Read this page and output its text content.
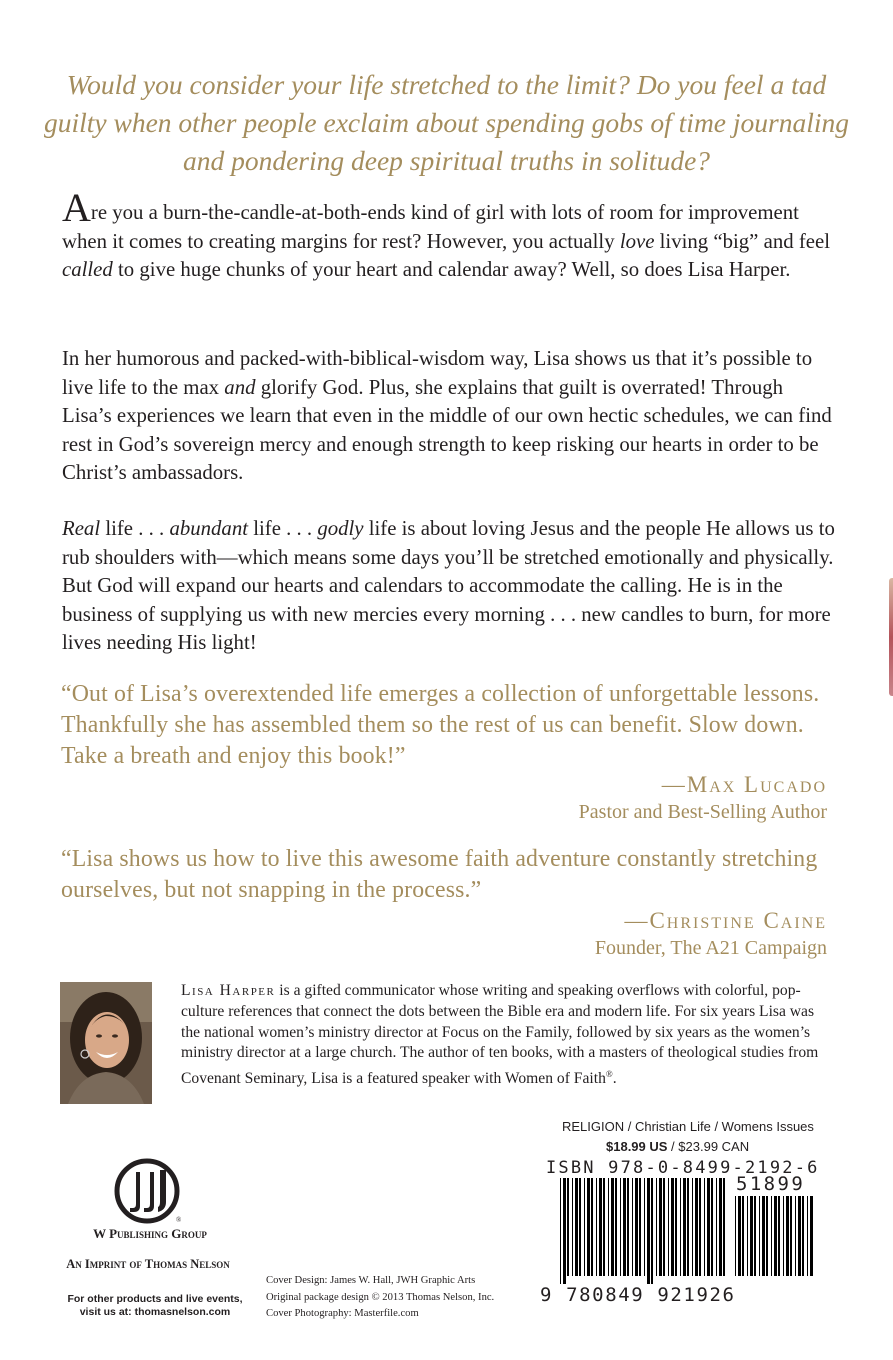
Would you consider your life stretched to the limit? Do you feel a tad guilty when other people exclaim about spending gobs of time journaling and pondering deep spiritual truths in solitude?
Are you a burn-the-candle-at-both-ends kind of girl with lots of room for improvement when it comes to creating margins for rest? However, you actually love living “big” and feel called to give huge chunks of your heart and calendar away? Well, so does Lisa Harper.
In her humorous and packed-with-biblical-wisdom way, Lisa shows us that it’s possible to live life to the max and glorify God. Plus, she explains that guilt is overrated! Through Lisa’s experiences we learn that even in the middle of our own hectic schedules, we can find rest in God’s sovereign mercy and enough strength to keep risking our hearts in order to be Christ’s ambassadors.
Real life . . . abundant life . . . godly life is about loving Jesus and the people He allows us to rub shoulders with—which means some days you’ll be stretched emotionally and physically. But God will expand our hearts and calendars to accommodate the calling. He is in the business of supplying us with new mercies every morning . . . new candles to burn, for more lives needing His light!
“Out of Lisa’s overextended life emerges a collection of unforgettable lessons. Thankfully she has assembled them so the rest of us can benefit. Slow down. Take a breath and enjoy this book!”
—Max Lucado
Pastor and Best-Selling Author
“Lisa shows us how to live this awesome faith adventure constantly stretching ourselves, but not snapping in the process.”
—Christine Caine
Founder, The A21 Campaign
Lisa Harper is a gifted communicator whose writing and speaking overflows with colorful, pop-culture references that connect the dots between the Bible era and modern life. For six years Lisa was the national women’s ministry director at Focus on the Family, followed by six years as the women’s ministry director at a large church. The author of ten books, with a masters of theological studies from Covenant Seminary, Lisa is a featured speaker with Women of Faith®.
RELIGION / Christian Life / Womens Issues
$18.99 US / $23.99 CAN
ISBN 978-0-8499-2192-6
51899
9 780849 921926
®
W Publishing Group
An Imprint of Thomas Nelson
For other products and live events,
visit us at: thomasnelson.com
Cover Design: James W. Hall, JWH Graphic Arts
Original package design © 2013 Thomas Nelson, Inc.
Cover Photography: Masterfile.com
